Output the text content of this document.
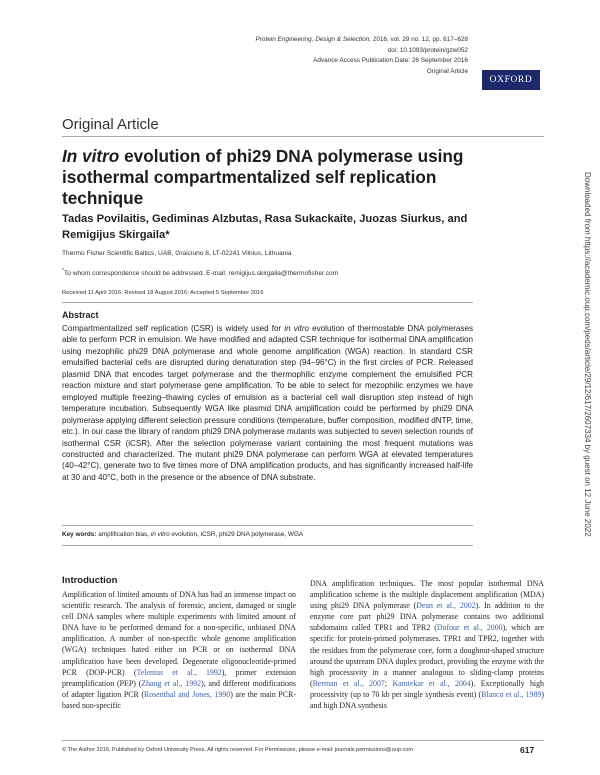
Protein Engineering, Design & Selection, 2016, vol. 29 no. 12, pp. 617–628
doi: 10.1093/protein/gzw052
Advance Access Publication Date: 26 September 2016
Original Article
OXFORD
Original Article
In vitro evolution of phi29 DNA polymerase using isothermal compartmentalized self replication technique

Tadas Povilaitis, Gediminas Alzbutas, Rasa Sukackaite, Juozas Siurkus, and Remigijus Skirgaila*

Thermo Fisher Scientific Baltics, UAB, Graiciuno 8, LT-02241 Vilnius, Lithuania
*To whom correspondence should be addressed. E-mail: remigijus.skirgaila@thermofisher.com
Received 11 April 2016; Revised 18 August 2016; Accepted 5 September 2016
Abstract

Compartmentalized self replication (CSR) is widely used for in vitro evolution of thermostable DNA polymerases able to perform PCR in emulsion. We have modified and adapted CSR technique for isothermal DNA amplification using mezophilic phi29 DNA polymerase and whole genome amplification (WGA) reaction. In standard CSR emulsified bacterial cells are disrupted during denaturation step (94–96°C) in the first circles of PCR. Released plasmid DNA that encodes target polymerase and the thermophilic enzyme complement the emulsified PCR reaction mixture and start polymerase gene amplification. To be able to select for mezophilic enzymes we have employed multiple freezing–thawing cycles of emulsion as a bacterial cell wall disruption step instead of high temperature incubation. Subsequently WGA like plasmid DNA amplification could be performed by phi29 DNA polymerase applying different selection pressure conditions (temperature, buffer composition, modified dNTP, time, etc.). In our case the library of random phi29 DNA polymerase mutants was subjected to seven selection rounds of isothermal CSR (iCSR). After the selection polymerase variant containing the most frequent mutations was constructed and characterized. The mutant phi29 DNA polymerase can perform WGA at elevated temperatures (40–42°C), generate two to five times more of DNA amplification products, and has significantly increased half-life at 30 and 40°C, both in the presence or the absence of DNA substrate.

Key words: amplification bias, in vitro evolution, iCSR, phi29 DNA polymerase, WGA
Introduction

Amplification of limited amounts of DNA has had an immense impact on scientific research. The analysis of forensic, ancient, damaged or single cell DNA samples where multiple experiments with limited amount of DNA have to be performed demand for a non-specific, unbiased DNA amplification. A number of non-specific whole genome amplification (WGA) techniques hated either on PCR or on isothermal DNA amplification have been developed. Degenerate oligonucleotide-primed PCR (DOP-PCR) (Telenius et al., 1992), primer extension preamplification (PEP) (Zhang et al., 1992), and different modifications of adapter ligation PCR (Rosenthal and Jones, 1990) are the main PCR-based non-specific

DNA amplification techniques. The most popular isothermal DNA amplification scheme is the multiple displacement amplification (MDA) using phi29 DNA polymerase (Dean et al., 2002). In addition to the enzyme core part phi29 DNA polymerase contains two additional subdomains called TPR1 and TPR2 (Dufour et al., 2000), which are specific for protein-primed polymerases. TPR1 and TPR2, together with the residues from the polymerase core, form a doughnut-shaped structure around the upstream DNA duplex product, providing the enzyme with the high processivity in a manner analogous to sliding-clamp proteins (Berman et al., 2007; Kamtekar et al., 2004). Exceptionally high processivity (up to 70 kb per single synthesis event) (Blanco et al., 1989) and high DNA synthesis

© The Author 2016. Published by Oxford University Press. All rights reserved. For Permissions, please e-mail: journals.permissions@oup.com	617
Downloaded from https://academic.oup.com/peds/article/29/12/617/2607334 by guest on 12 June 2022
